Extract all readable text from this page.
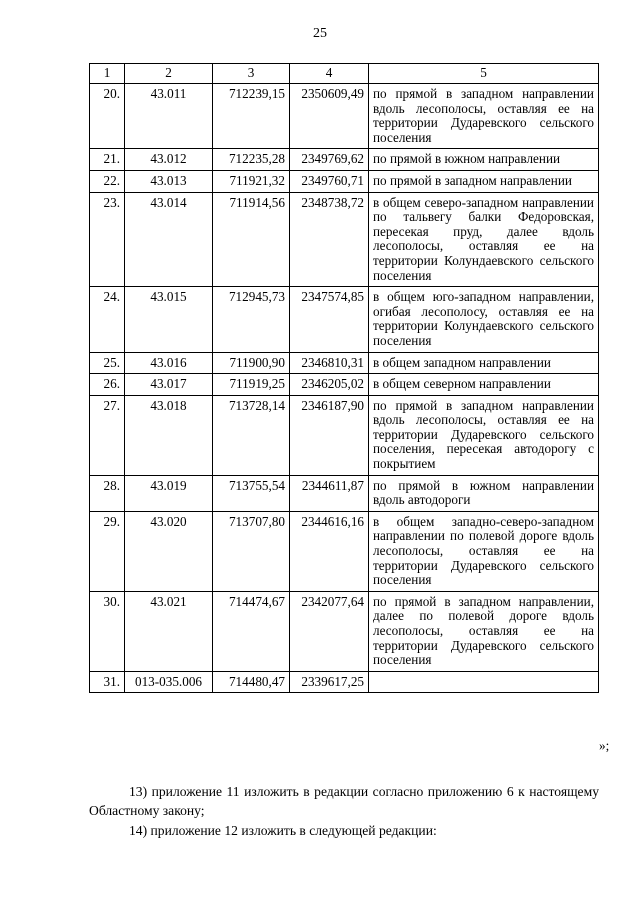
25
1	2	3	4	5
20.	43.011	712239,15	2350609,49	по прямой в западном направлении вдоль лесополосы, оставляя ее на территории Дударевского сельского поселения
21.	43.012	712235,28	2349769,62	по прямой в южном направлении
22.	43.013	711921,32	2349760,71	по прямой в западном направлении
23.	43.014	711914,56	2348738,72	в общем северо-западном направлении по тальвегу балки Федоровская, пересекая пруд, далее вдоль лесополосы, оставляя ее на территории Колундаевского сельского поселения
24.	43.015	712945,73	2347574,85	в общем юго-западном направлении, огибая лесополосу, оставляя ее на территории Колундаевского сельского поселения
25.	43.016	711900,90	2346810,31	в общем западном направлении
26.	43.017	711919,25	2346205,02	в общем северном направлении
27.	43.018	713728,14	2346187,90	по прямой в западном направлении вдоль лесополосы, оставляя ее на территории Дударевского сельского поселения, пересекая автодорогу с покрытием
28.	43.019	713755,54	2344611,87	по прямой в южном направлении вдоль автодороги
29.	43.020	713707,80	2344616,16	в общем западно-северо-западном направлении по полевой дороге вдоль лесополосы, оставляя ее на территории Дударевского сельского поселения
30.	43.021	714474,67	2342077,64	по прямой в западном направлении, далее по полевой дороге вдоль лесополосы, оставляя ее на территории Дударевского сельского поселения
31.	013-035.006	714480,47	2339617,25	
»;

13) приложение 11 изложить в редакции согласно приложению 6 к настоящему Областному закону;

14) приложение 12 изложить в следующей редакции:
